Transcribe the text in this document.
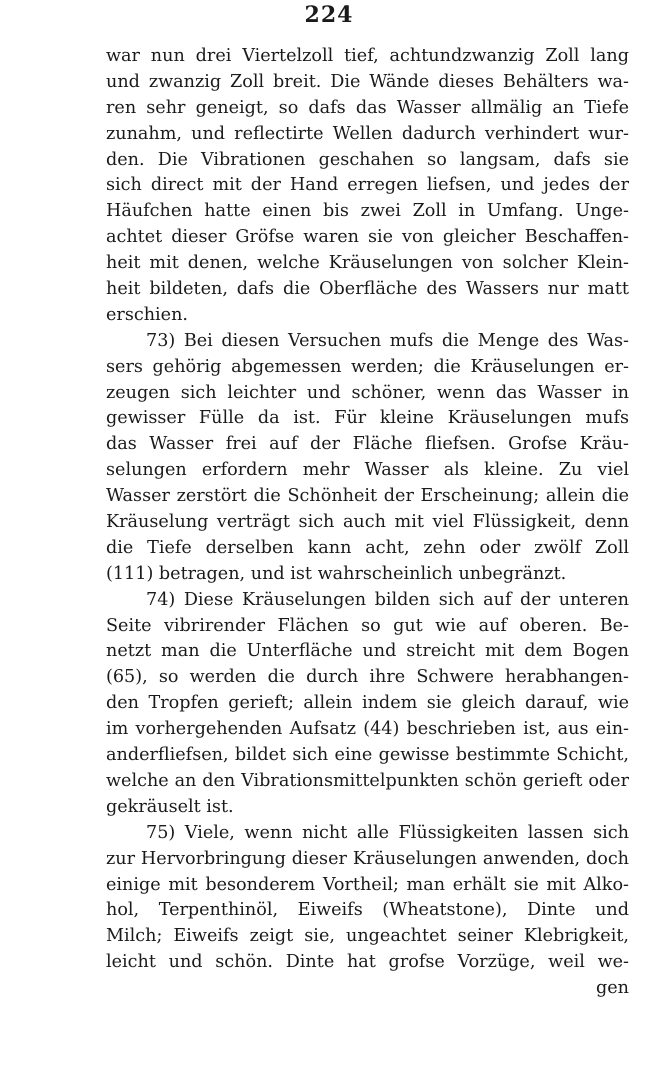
224
war nun drei Viertelzoll tief, achtundzwanzig Zoll lang
und zwanzig Zoll breit. Die Wände dieses Behälters wa-
ren sehr geneigt, so dafs das Wasser allmälig an Tiefe
zunahm, und reflectirte Wellen dadurch verhindert wur-
den. Die Vibrationen geschahen so langsam, dafs sie
sich direct mit der Hand erregen liefsen, und jedes der
Häufchen hatte einen bis zwei Zoll in Umfang. Unge-
achtet dieser Gröfse waren sie von gleicher Beschaffen-
heit mit denen, welche Kräuselungen von solcher Klein-
heit bildeten, dafs die Oberfläche des Wassers nur matt
erschien.
73) Bei diesen Versuchen mufs die Menge des Was-
sers gehörig abgemessen werden; die Kräuselungen er-
zeugen sich leichter und schöner, wenn das Wasser in
gewisser Fülle da ist. Für kleine Kräuselungen mufs
das Wasser frei auf der Fläche fliefsen. Grofse Kräu-
selungen erfordern mehr Wasser als kleine. Zu viel
Wasser zerstört die Schönheit der Erscheinung; allein die
Kräuselung verträgt sich auch mit viel Flüssigkeit, denn
die Tiefe derselben kann acht, zehn oder zwölf Zoll
(111) betragen, und ist wahrscheinlich unbegränzt.
74) Diese Kräuselungen bilden sich auf der unteren
Seite vibrirender Flächen so gut wie auf oberen. Be-
netzt man die Unterfläche und streicht mit dem Bogen
(65), so werden die durch ihre Schwere herabhangen-
den Tropfen gerieft; allein indem sie gleich darauf, wie
im vorhergehenden Aufsatz (44) beschrieben ist, aus ein-
anderfliefsen, bildet sich eine gewisse bestimmte Schicht,
welche an den Vibrationsmittelpunkten schön gerieft oder
gekräuselt ist.
75) Viele, wenn nicht alle Flüssigkeiten lassen sich
zur Hervorbringung dieser Kräuselungen anwenden, doch
einige mit besonderem Vortheil; man erhält sie mit Alko-
hol, Terpenthinöl, Eiweifs (Wheatstone), Dinte und
Milch; Eiweifs zeigt sie, ungeachtet seiner Klebrigkeit,
leicht und schön. Dinte hat grofse Vorzüge, weil we-
gen
